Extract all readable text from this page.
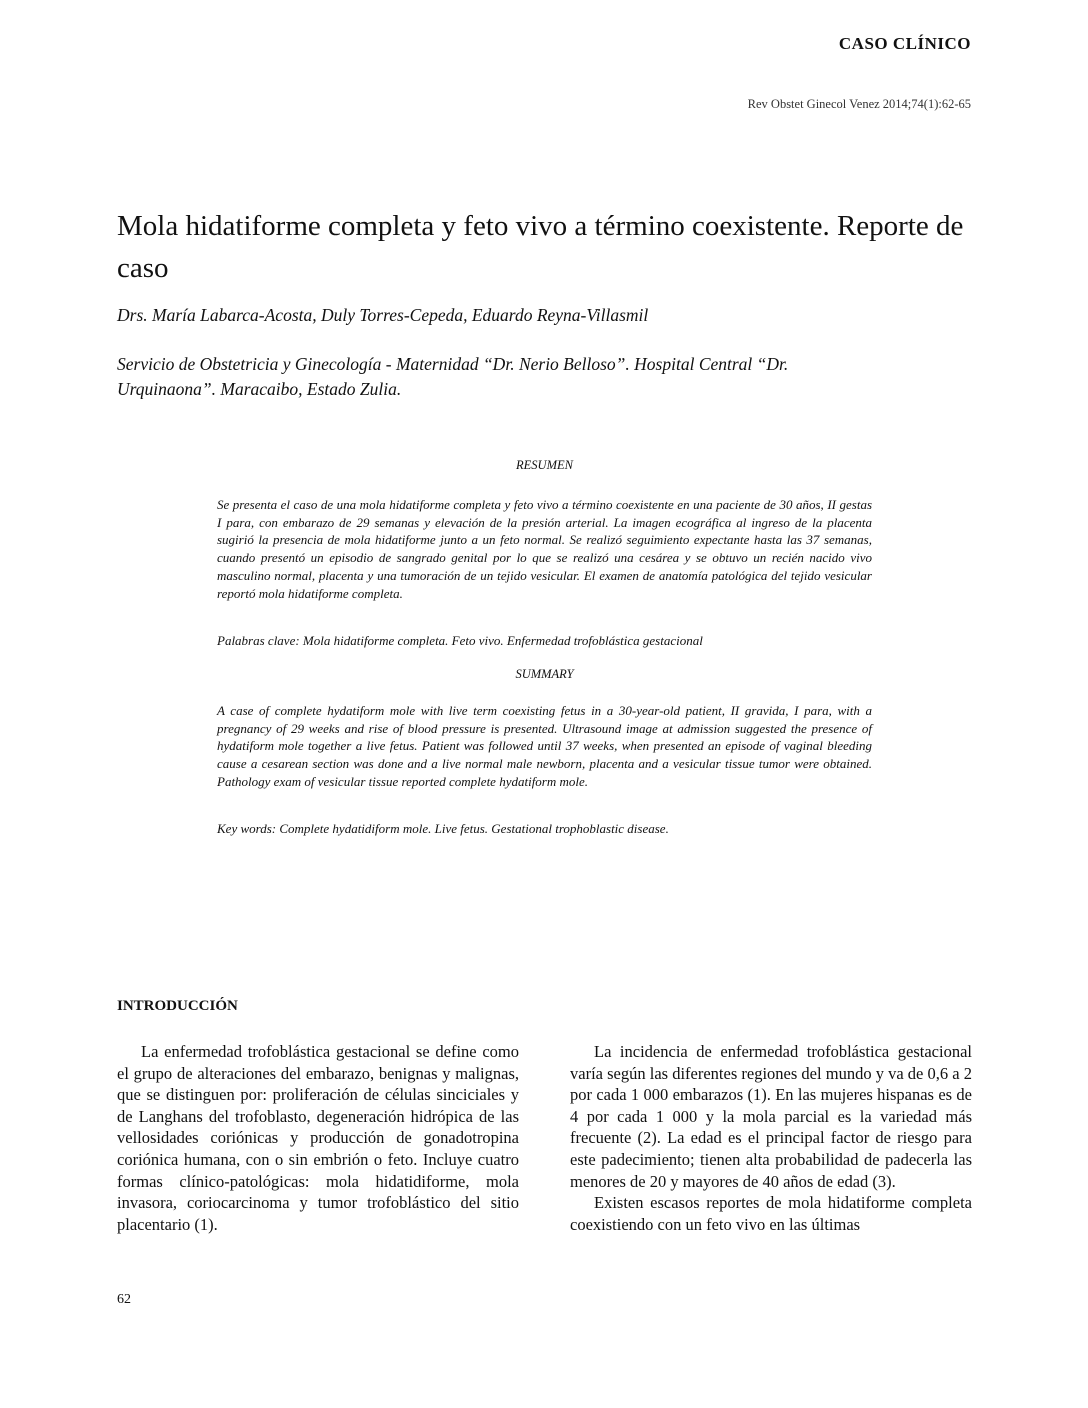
CASO CLÍNICO
Rev Obstet Ginecol Venez 2014;74(1):62-65
Mola hidatiforme completa y feto vivo a término coexistente. Reporte de caso
Drs. María Labarca-Acosta, Duly Torres-Cepeda, Eduardo Reyna-Villasmil
Servicio de Obstetricia y Ginecología - Maternidad “Dr. Nerio Belloso”. Hospital Central “Dr. Urquinaona”. Maracaibo, Estado Zulia.
RESUMEN

Se presenta el caso de una mola hidatiforme completa y feto vivo a término coexistente en una paciente de 30 años, II gestas I para, con embarazo de 29 semanas y elevación de la presión arterial. La imagen ecográfica al ingreso de la placenta sugirió la presencia de mola hidatiforme junto a un feto normal. Se realizó seguimiento expectante hasta las 37 semanas, cuando presentó un episodio de sangrado genital por lo que se realizó una cesárea y se obtuvo un recién nacido vivo masculino normal, placenta y una tumoración de un tejido vesicular. El examen de anatomía patológica del tejido vesicular reportó mola hidatiforme completa.

Palabras clave: Mola hidatiforme completa. Feto vivo. Enfermedad trofoblástica gestacional
SUMMARY

A case of complete hydatiform mole with live term coexisting fetus in a 30-year-old patient, II gravida, I para, with a pregnancy of 29 weeks and rise of blood pressure is presented. Ultrasound image at admission suggested the presence of hydatiform mole together a live fetus. Patient was followed until 37 weeks, when presented an episode of vaginal bleeding cause a cesarean section was done and a live normal male newborn, placenta and a vesicular tissue tumor were obtained. Pathology exam of vesicular tissue reported complete hydatiform mole.

Key words: Complete hydatidiform mole. Live fetus. Gestational trophoblastic disease.
INTRODUCCIÓN

La enfermedad trofoblástica gestacional se define como el grupo de alteraciones del embarazo, benignas y malignas, que se distinguen por: proliferación de células sinciciales y de Langhans del trofoblasto, degeneración hidrópica de las vellosidades coriónicas y producción de gonadotropina coriónica humana, con o sin embrión o feto. Incluye cuatro formas clínico-patológicas: mola hidatidiforme, mola invasora, coriocarcinoma y tumor trofoblástico del sitio placentario (1).

La incidencia de enfermedad trofoblástica gestacional varía según las diferentes regiones del mundo y va de 0,6 a 2 por cada 1 000 embarazos (1). En las mujeres hispanas es de 4 por cada 1 000 y la mola parcial es la variedad más frecuente (2). La edad es el principal factor de riesgo para este padecimiento; tienen alta probabilidad de padecerla las menores de 20 y mayores de 40 años de edad (3).

Existen escasos reportes de mola hidatiforme completa coexistiendo con un feto vivo en las últimas

62
